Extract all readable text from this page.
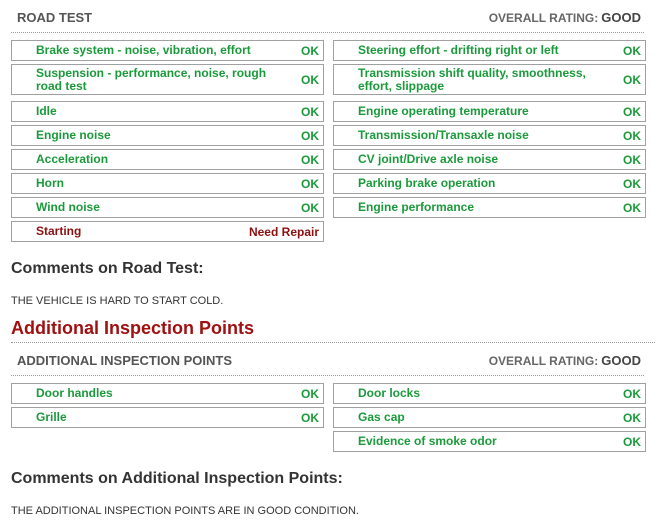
ROAD TEST	OVERALL RATING: GOOD
Brake system - noise, vibration, effort	OK
Suspension - performance, noise, rough road test	OK
Idle	OK
Engine noise	OK
Acceleration	OK
Horn	OK
Wind noise	OK
Starting	Need Repair
Steering effort - drifting right or left	OK
Transmission shift quality, smoothness, effort, slippage	OK
Engine operating temperature	OK
Transmission/Transaxle noise	OK
CV joint/Drive axle noise	OK
Parking brake operation	OK
Engine performance	OK
Comments on Road Test:
THE VEHICLE IS HARD TO START COLD.
Additional Inspection Points
ADDITIONAL INSPECTION POINTS	OVERALL RATING: GOOD
Door handles	OK
Grille	OK
Door locks	OK
Gas cap	OK
Evidence of smoke odor	OK
Comments on Additional Inspection Points:
THE ADDITIONAL INSPECTION POINTS ARE IN GOOD CONDITION.
